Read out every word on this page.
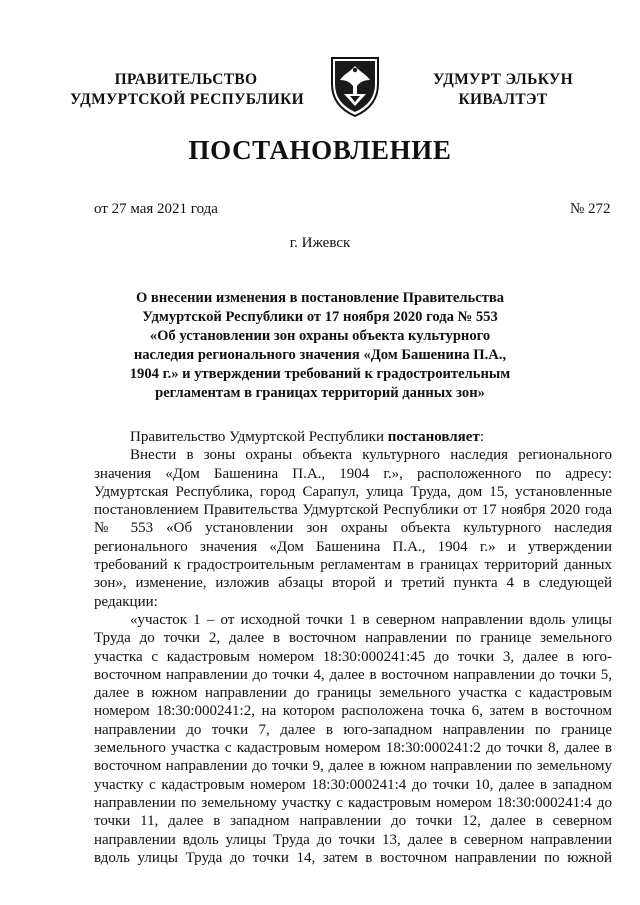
ПРАВИТЕЛЬСТВО
УДМУРТСКОЙ РЕСПУБЛИКИ
УДМУРТ ЭЛЬКУН
КИВАЛТЭТ
ПОСТАНОВЛЕНИЕ
от 27 мая 2021 года	№ 272
г. Ижевск
О внесении изменения в постановление Правительства
Удмуртской Республики от 17 ноября 2020 года № 553
«Об установлении зон охраны объекта культурного
наследия регионального значения «Дом Башенина П.А.,
1904 г.» и утверждении требований к градостроительным
регламентам в границах территорий данных зон»
Правительство Удмуртской Республики постановляет:
Внести в зоны охраны объекта культурного наследия регионального
значения «Дом Башенина П.А., 1904 г.», расположенного по адресу:
Удмуртская Республика, город Сарапул, улица Труда, дом 15, установленные
постановлением Правительства Удмуртской Республики от 17 ноября 2020 года
№ 553 «Об установлении зон охраны объекта культурного наследия
регионального значения «Дом Башенина П.А., 1904 г.» и утверждении
требований к градостроительным регламентам в границах территорий данных
зон», изменение, изложив абзацы второй и третий пункта 4 в следующей
редакции:
«участок 1 – от исходной точки 1 в северном направлении вдоль улицы
Труда до точки 2, далее в восточном направлении по границе земельного
участка с кадастровым номером 18:30:000241:45 до точки 3, далее в юго-
восточном направлении до точки 4, далее в восточном направлении до точки 5,
далее в южном направлении до границы земельного участка с кадастровым
номером 18:30:000241:2, на котором расположена точка 6, затем в восточном
направлении до точки 7, далее в юго-западном направлении по границе
земельного участка с кадастровым номером 18:30:000241:2 до точки 8, далее в
восточном направлении до точки 9, далее в южном направлении по земельному
участку с кадастровым номером 18:30:000241:4 до точки 10, далее в западном
направлении по земельному участку с кадастровым номером 18:30:000241:4 до
точки 11, далее в западном направлении до точки 12, далее в северном
направлении вдоль улицы Труда до точки 13, далее в северном направлении
вдоль улицы Труда до точки 14, затем в восточном направлении по южной
